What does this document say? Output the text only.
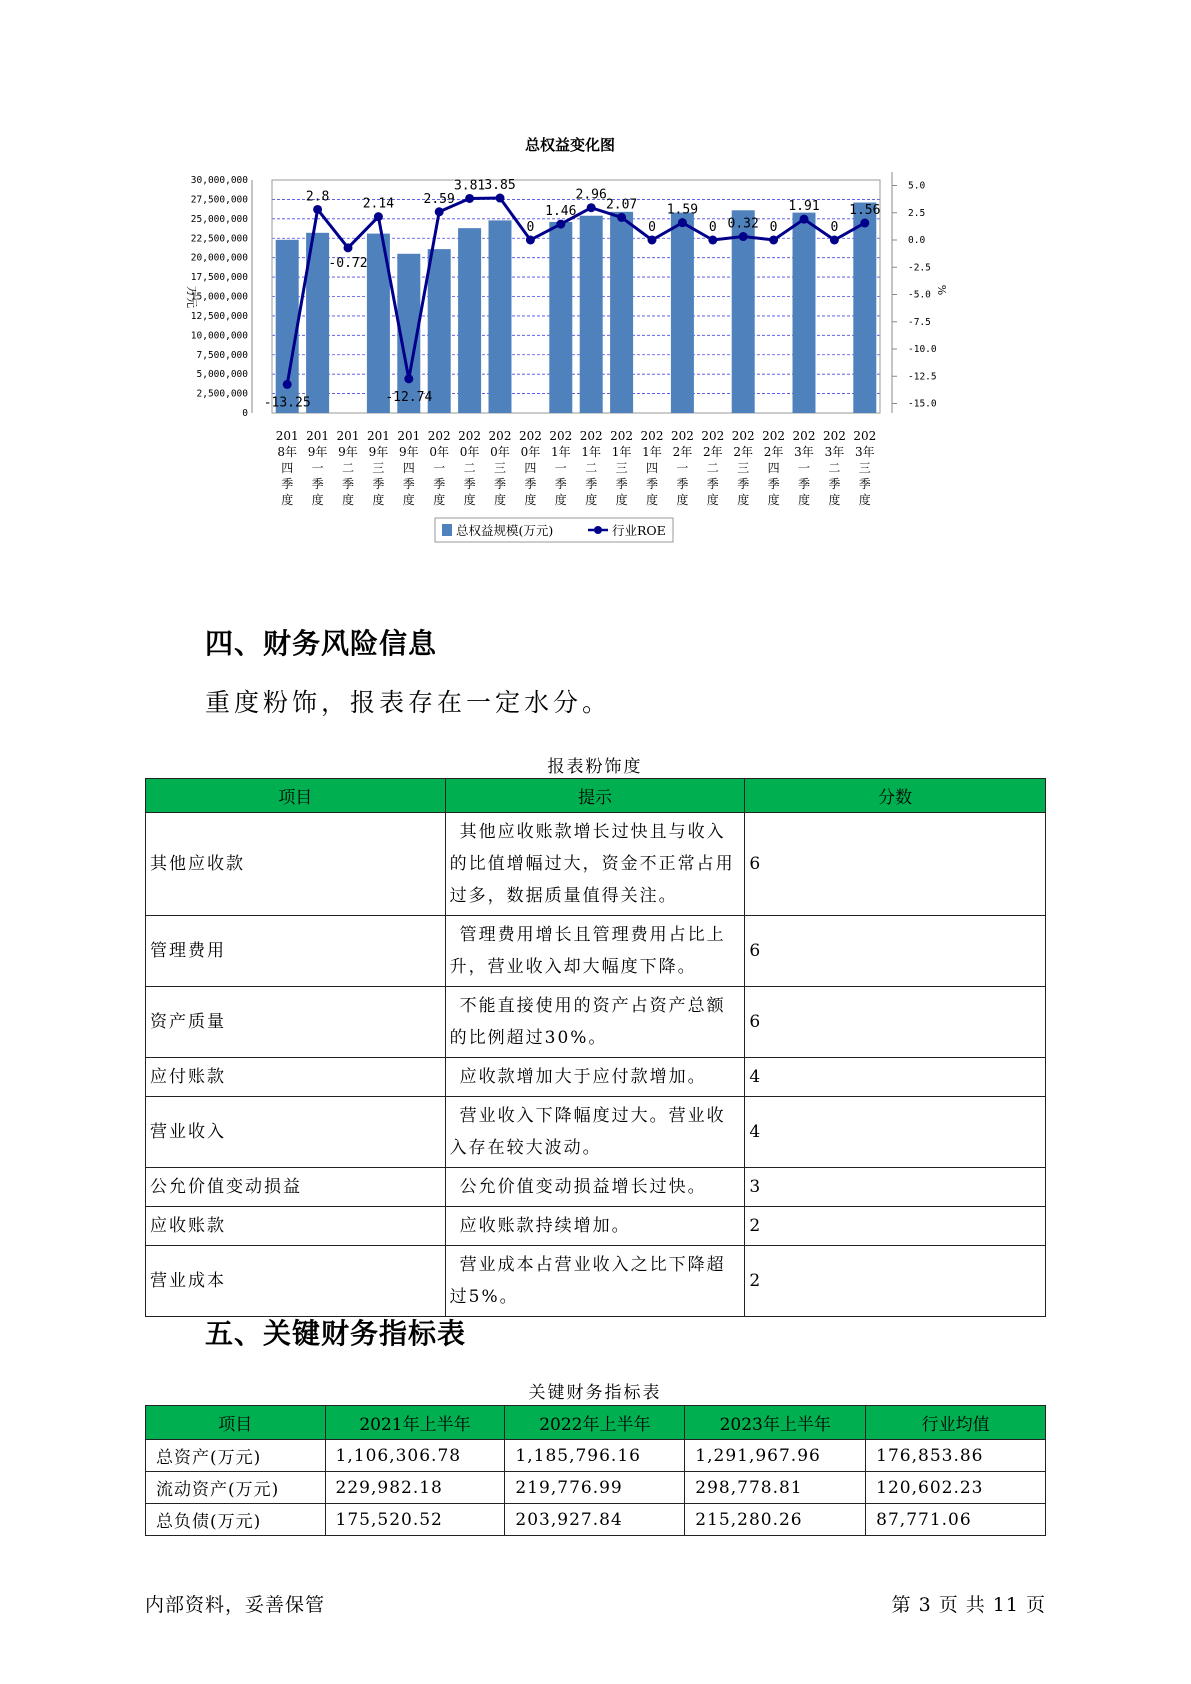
总权益变化图
30,000,000
27,500,000
25,000,000
22,500,000
20,000,000
17,500,000
15,000,000
12,500,000
10,000,000
7,500,000
5,000,000
2,500,000
0
5.0
2.5
0.0
-2.5
-5.0
-7.5
-10.0
-12.5
-15.0
万元	%
-13.25
2.8
-0.72
2.14
-12.74
2.59
3.81 3.85
0
1.46
2.96
2.07
0
1.59
0 0.32 0
1.91
0
1.56
201
8年
四
季
度
201
9年
一
季
度
201
9年
二
季
度
201
9年
三
季
度
201
9年
四
季
度
202
0年
一
季
度
202
0年
二
季
度
202
0年
三
季
度
202
0年
四
季
度
202
1年
一
季
度
202
1年
二
季
度
202
1年
三
季
度
202
1年
四
季
度
202
2年
一
季
度
202
2年
二
季
度
202
2年
三
季
度
202
2年
四
季
度
202
3年
一
季
度
202
3年
二
季
度
202
3年
三
季
度
总权益规模(万元)	行业ROE
四、财务风险信息
重度粉饰，报表存在一定水分。
报表粉饰度
项目	提示	分数
其他应收款	其他应收账款增长过快且与收入的比值增幅过大，资金不正常占用过多，数据质量值得关注。	6
管理费用	管理费用增长且管理费用占比上升，营业收入却大幅度下降。	6
资产质量	不能直接使用的资产占资产总额的比例超过30%。	6
应付账款	应收款增加大于应付款增加。	4
营业收入	营业收入下降幅度过大。营业收入存在较大波动。	4
公允价值变动损益	公允价值变动损益增长过快。	3
应收账款	应收账款持续增加。	2
营业成本	营业成本占营业收入之比下降超过5%。	2
五、关键财务指标表
关键财务指标表
项目	2021年上半年	2022年上半年	2023年上半年	行业均值
总资产(万元)	1,106,306.78	1,185,796.16	1,291,967.96	176,853.86
流动资产(万元)	229,982.18	219,776.99	298,778.81	120,602.23
总负债(万元)	175,520.52	203,927.84	215,280.26	87,771.06
内部资料，妥善保管	第 3 页 共 11 页
